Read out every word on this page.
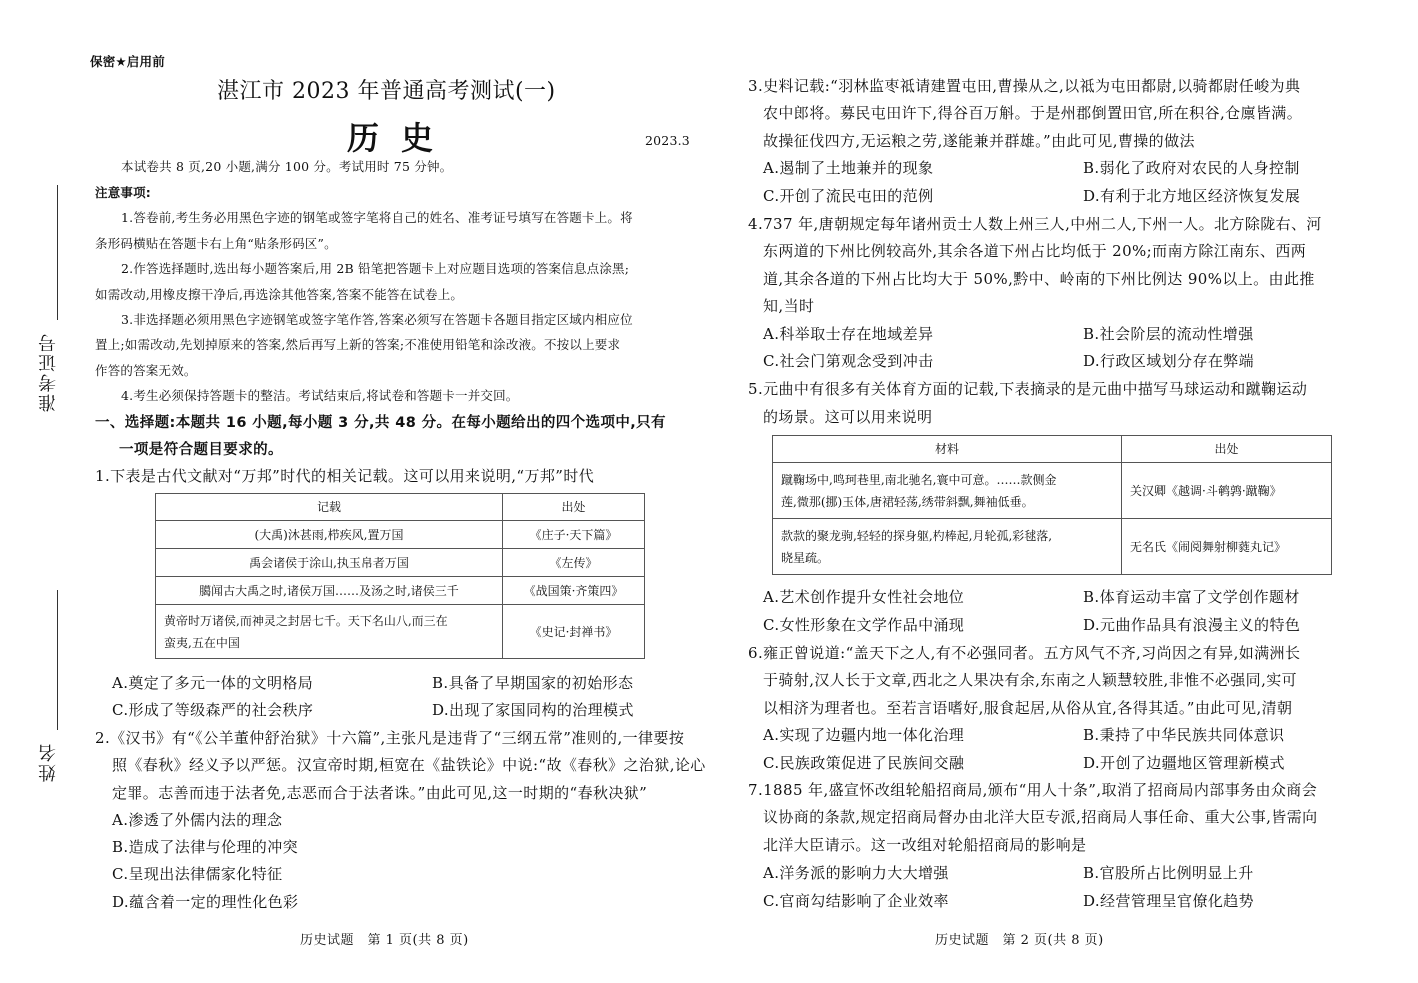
保密★启用前
湛江市 2023 年普通高考测试(一)
历史	2023.3
本试卷共 8 页,20 小题,满分 100 分。考试用时 75 分钟。
准考证号
姓名
注意事项:
1.答卷前,考生务必用黑色字迹的钢笔或签字笔将自己的姓名、准考证号填写在答题卡上。将
条形码横贴在答题卡右上角“贴条形码区”。
2.作答选择题时,选出每小题答案后,用 2B 铅笔把答题卡上对应题目选项的答案信息点涂黑;
如需改动,用橡皮擦干净后,再选涂其他答案,答案不能答在试卷上。
3.非选择题必须用黑色字迹钢笔或签字笔作答,答案必须写在答题卡各题目指定区域内相应位
置上;如需改动,先划掉原来的答案,然后再写上新的答案;不准使用铅笔和涂改液。不按以上要求
作答的答案无效。
4.考生必须保持答题卡的整洁。考试结束后,将试卷和答题卡一并交回。
一、选择题:本题共 16 小题,每小题 3 分,共 48 分。在每小题给出的四个选项中,只有
一项是符合题目要求的。
1.下表是古代文献对“万邦”时代的相关记载。这可以用来说明,“万邦”时代
记载	出处
(大禹)沐甚雨,栉疾风,置万国	《庄子·天下篇》
禹会诸侯于涂山,执玉帛者万国	《左传》
臈闻古大禹之时,诸侯万国……及汤之时,诸侯三千	《战国策·齐策四》
黄帝时万诸侯,而神灵之封居七千。天下名山八,而三在
蛮夷,五在中国	《史记·封禅书》
A.奠定了多元一体的文明格局	B.具备了早期国家的初始形态
C.形成了等级森严的社会秩序	D.出现了家国同构的治理模式
2.《汉书》有“《公羊董仲舒治狱》十六篇”,主张凡是违背了“三纲五常”准则的,一律要按
照《春秋》经义予以严惩。汉宣帝时期,桓宽在《盐铁论》中说:“故《春秋》之治狱,论心
定罪。志善而违于法者免,志恶而合于法者诛。”由此可见,这一时期的“春秋决狱”
A.渗透了外儒内法的理念
B.造成了法律与伦理的冲突
C.呈现出法律儒家化特征
D.蕴含着一定的理性化色彩
历史试题　第 1 页(共 8 页)
3.史料记载:“羽林监枣祗请建置屯田,曹操从之,以祗为屯田都尉,以骑都尉任峻为典
农中郎将。募民屯田许下,得谷百万斛。于是州郡倒置田官,所在积谷,仓廪皆满。
故操征伐四方,无运粮之劳,遂能兼并群雄。”由此可见,曹操的做法
A.遏制了土地兼并的现象	B.弱化了政府对农民的人身控制
C.开创了流民屯田的范例	D.有利于北方地区经济恢复发展
4.737 年,唐朝规定每年诸州贡士人数上州三人,中州二人,下州一人。北方除陇右、河
东两道的下州比例较高外,其余各道下州占比均低于 20%;而南方除江南东、西两
道,其余各道的下州占比均大于 50%,黔中、岭南的下州比例达 90%以上。由此推
知,当时
A.科举取士存在地域差异	B.社会阶层的流动性增强
C.社会门第观念受到冲击	D.行政区域划分存在弊端
5.元曲中有很多有关体育方面的记载,下表摘录的是元曲中描写马球运动和蹴鞠运动
的场景。这可以用来说明
材料	出处
蹴鞠场中,鸣珂巷里,南北驰名,寰中可意。……款侧金
莲,微那(挪)玉体,唐裙轻荡,绣带斜飘,舞袖低垂。	关汉卿《越调·斗鹌鹑·蹴鞠》
款款的聚龙驹,轻轻的探身躯,杓棒起,月轮孤,彩毬落,
晓星疏。	无名氏《闹阅舞射柳蕤丸记》
A.艺术创作提升女性社会地位	B.体育运动丰富了文学创作题材
C.女性形象在文学作品中涌现	D.元曲作品具有浪漫主义的特色
6.雍正曾说道:“盖天下之人,有不必强同者。五方风气不齐,习尚因之有异,如满洲长
于骑射,汉人长于文章,西北之人果决有余,东南之人颖慧较胜,非惟不必强同,实可
以相济为理者也。至若言语嗜好,服食起居,从俗从宜,各得其适。”由此可见,清朝
A.实现了边疆内地一体化治理	B.秉持了中华民族共同体意识
C.民族政策促进了民族间交融	D.开创了边疆地区管理新模式
7.1885 年,盛宣怀改组轮船招商局,颁布“用人十条”,取消了招商局内部事务由众商会
议协商的条款,规定招商局督办由北洋大臣专派,招商局人事任命、重大公事,皆需向
北洋大臣请示。这一改组对轮船招商局的影响是
A.洋务派的影响力大大增强	B.官股所占比例明显上升
C.官商勾结影响了企业效率	D.经营管理呈官僚化趋势
历史试题　第 2 页(共 8 页)
